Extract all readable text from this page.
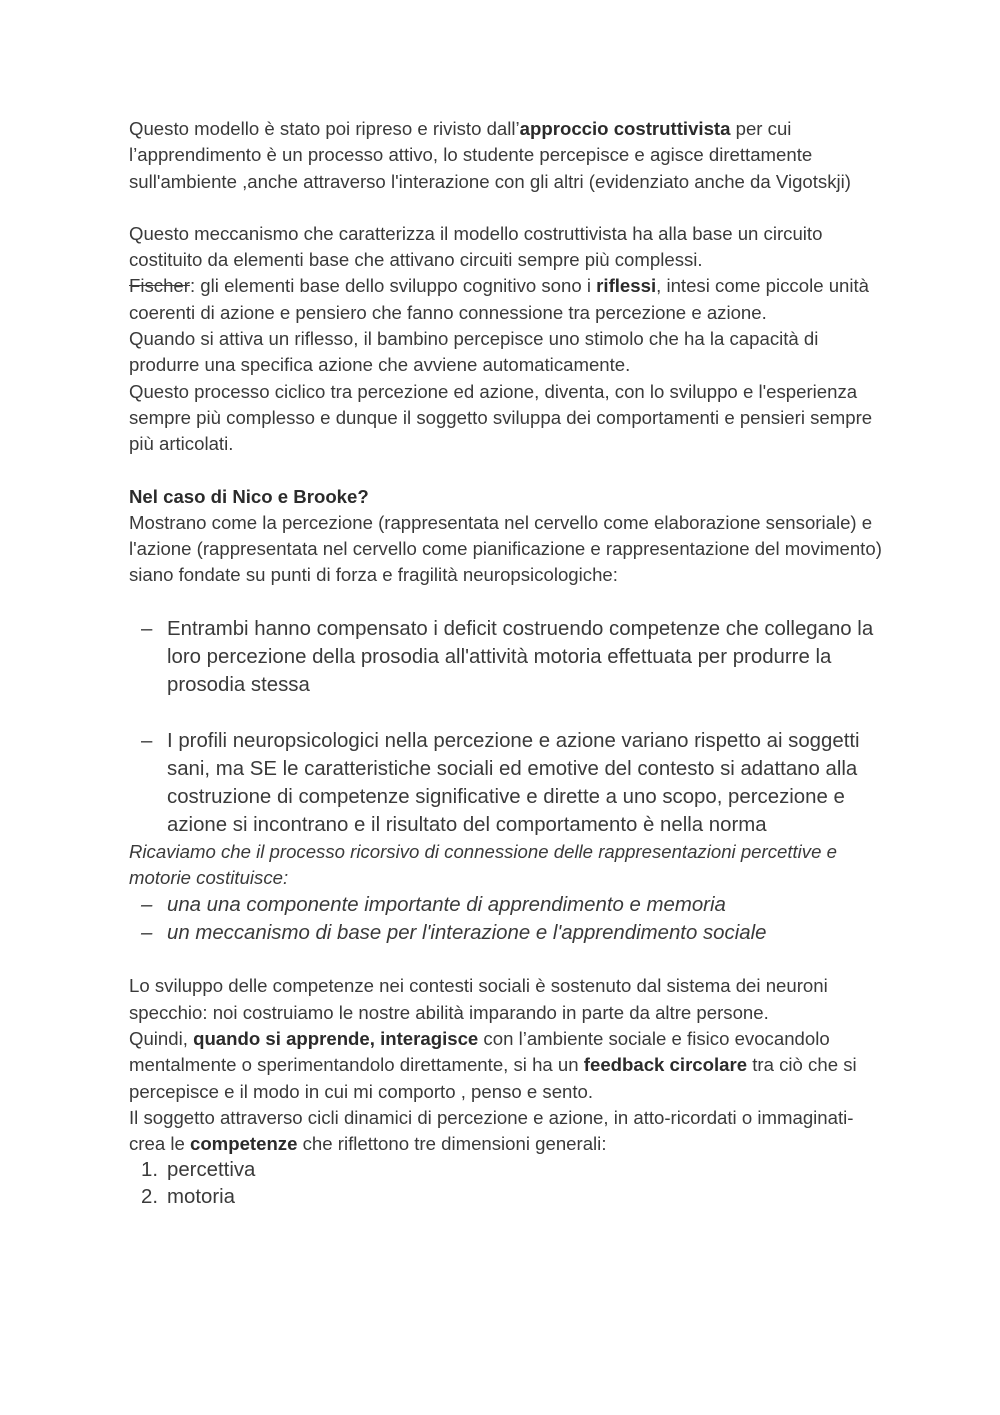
Questo modello è stato poi ripreso e rivisto dall’approccio costruttivista per cui l’apprendimento è un processo attivo, lo studente percepisce e agisce direttamente sull'ambiente ,anche attraverso l'interazione con gli altri (evidenziato anche da Vigotskji)

Questo meccanismo che caratterizza il modello costruttivista ha alla base un circuito costituito da elementi base che attivano circuiti sempre più complessi.
Fischer: gli elementi base dello sviluppo cognitivo sono i riflessi, intesi come piccole unità coerenti di azione e pensiero che fanno connessione tra percezione e azione.
Quando si attiva un riflesso, il bambino percepisce uno stimolo che ha la capacità di produrre una specifica azione che avviene automaticamente.
Questo processo ciclico tra percezione ed azione, diventa, con lo sviluppo e l'esperienza sempre più complesso e dunque il soggetto sviluppa dei comportamenti e pensieri sempre più articolati.

Nel caso di Nico e Brooke?

Mostrano come la percezione (rappresentata nel cervello come elaborazione sensoriale) e l'azione (rappresentata nel cervello come pianificazione e rappresentazione del movimento) siano fondate su punti di forza e fragilità neuropsicologiche:

– Entrambi hanno compensato i deficit costruendo competenze che collegano la loro percezione della prosodia all'attività motoria effettuata per produrre la prosodia stessa
– I profili neuropsicologici nella percezione e azione variano rispetto ai soggetti sani, ma SE le caratteristiche sociali ed emotive del contesto si adattano alla costruzione di competenze significative e dirette a uno scopo, percezione e azione si incontrano e il risultato del comportamento è nella norma

Ricaviamo che il processo ricorsivo di connessione delle rappresentazioni percettive e motorie costituisce:

– una una componente importante di apprendimento e memoria
– un meccanismo di base per l'interazione e l'apprendimento sociale

Lo sviluppo delle competenze nei contesti sociali è sostenuto dal sistema dei neuroni specchio: noi costruiamo le nostre abilità imparando in parte da altre persone.
Quindi, quando si apprende, interagisce con l’ambiente sociale e fisico evocandolo mentalmente o sperimentandolo direttamente, si ha un feedback circolare tra ciò che si percepisce e il modo in cui mi comporto , penso e sento.
Il soggetto attraverso cicli dinamici di percezione e azione, in atto-ricordati o immaginati- crea le competenze che riflettono tre dimensioni generali:

1. percettiva
2. motoria
